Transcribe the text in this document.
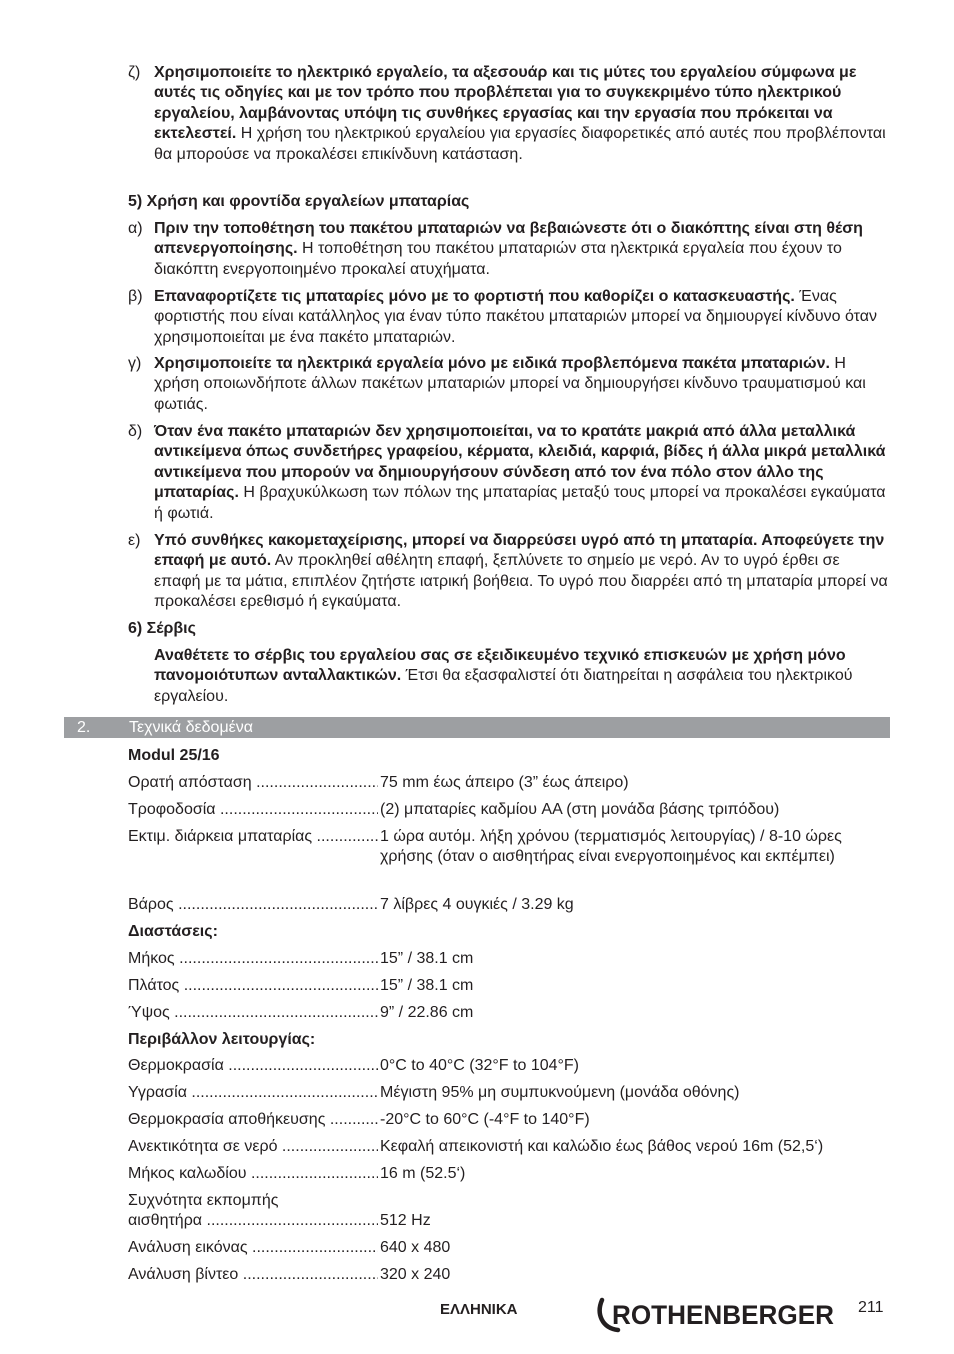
ζ) Χρησιμοποιείτε το ηλεκτρικό εργαλείο, τα αξεσουάρ και τις μύτες του εργαλείου σύμφωνα με αυτές τις οδηγίες και με τον τρόπο που προβλέπεται για το συγκεκριμένο τύπο ηλεκτρικού εργαλείου, λαμβάνοντας υπόψη τις συνθήκες εργασίας και την εργασία που πρόκειται να εκτελεστεί. Η χρήση του ηλεκτρικού εργαλείου για εργασίες διαφορετικές από αυτές που προβλέπονται θα μπορούσε να προκαλέσει επικίνδυνη κατάσταση.
5) Χρήση και φροντίδα εργαλείων μπαταρίας
α) Πριν την τοποθέτηση του πακέτου μπαταριών να βεβαιώνεστε ότι ο διακόπτης είναι στη θέση απενεργοποίησης. Η τοποθέτηση του πακέτου μπαταριών στα ηλεκτρικά εργαλεία που έχουν το διακόπτη ενεργοποιημένο προκαλεί ατυχήματα.
β) Επαναφορτίζετε τις μπαταρίες μόνο με το φορτιστή που καθορίζει ο κατασκευαστής. Ένας φορτιστής που είναι κατάλληλος για έναν τύπο πακέτου μπαταριών μπορεί να δημιουργεί κίνδυνο όταν χρησιμοποιείται με ένα πακέτο μπαταριών.
γ) Χρησιμοποιείτε τα ηλεκτρικά εργαλεία μόνο με ειδικά προβλεπόμενα πακέτα μπαταριών. Η χρήση οποιωνδήποτε άλλων πακέτων μπαταριών μπορεί να δημιουργήσει κίνδυνο τραυματισμού και φωτιάς.
δ) Όταν ένα πακέτο μπαταριών δεν χρησιμοποιείται, να το κρατάτε μακριά από άλλα μεταλλικά αντικείμενα όπως συνδετήρες γραφείου, κέρματα, κλειδιά, καρφιά, βίδες ή άλλα μικρά μεταλλικά αντικείμενα που μπορούν να δημιουργήσουν σύνδεση από τον ένα πόλο στον άλλο της μπαταρίας. Η βραχυκύλκωση των πόλων της μπαταρίας μεταξύ τους μπορεί να προκαλέσει εγκαύματα ή φωτιά.
ε) Υπό συνθήκες κακομεταχείρισης, μπορεί να διαρρεύσει υγρό από τη μπαταρία. Αποφεύγετε την επαφή με αυτό. Αν προκληθεί αθέλητη επαφή, ξεπλύνετε το σημείο με νερό. Αν το υγρό έρθει σε επαφή με τα μάτια, επιπλέον ζητήστε ιατρική βοήθεια. Το υγρό που διαρρέει από τη μπαταρία μπορεί να προκαλέσει ερεθισμό ή εγκαύματα.
6) Σέρβις
Αναθέτετε το σέρβις του εργαλείου σας σε εξειδικευμένο τεχνικό επισκευών με χρήση μόνο πανομοιότυπων ανταλλακτικών. Έτσι θα εξασφαλιστεί ότι διατηρείται η ασφάλεια του ηλεκτρικού εργαλείου.
2. Τεχνικά δεδομένα
Modul 25/16
Ορατή απόσταση .....	75 mm έως άπειρο (3” έως άπειρο)
Τροφοδοσία .....	(2) μπαταρίες καδμίου AA (στη μονάδα βάσης τριπόδου)
Εκτιμ. διάρκεια μπαταρίας .....	1 ώρα αυτόμ. λήξη χρόνου (τερματισμός λειτουργίας) / 8-10 ώρες χρήσης (όταν ο αισθητήρας είναι ενεργοποιημένος και εκπέμπει)
Βάρος .....	7 λίβρες 4 ουγκιές / 3.29 kg
Διαστάσεις:
Μήκος .....	15” / 38.1 cm
Πλάτος .....	15” / 38.1 cm
Ύψος .....	9” / 22.86 cm
Περιβάλλον λειτουργίας:
Θερμοκρασία .....	0°C to 40°C (32°F to 104°F)
Υγρασία .....	Μέγιστη 95% μη συμπυκνούμενη (μονάδα οθόνης)
Θερμοκρασία αποθήκευσης .....	-20°C to 60°C (-4°F to 140°F)
Ανεκτικότητα σε νερό .....	Κεφαλή απεικονιστή και καλώδιο έως βάθος νερού 16m (52,5‘)
Μήκος καλωδίου .....	16 m (52.5‘)
Συχνότητα εκπομπής
αισθητήρα .....	512 Hz
Ανάλυση εικόνας .....	640 x 480
Ανάλυση βίντεο .....	320 x 240
ΕΛΛΗΝΙΚΑ	ROTHENBERGER 211
